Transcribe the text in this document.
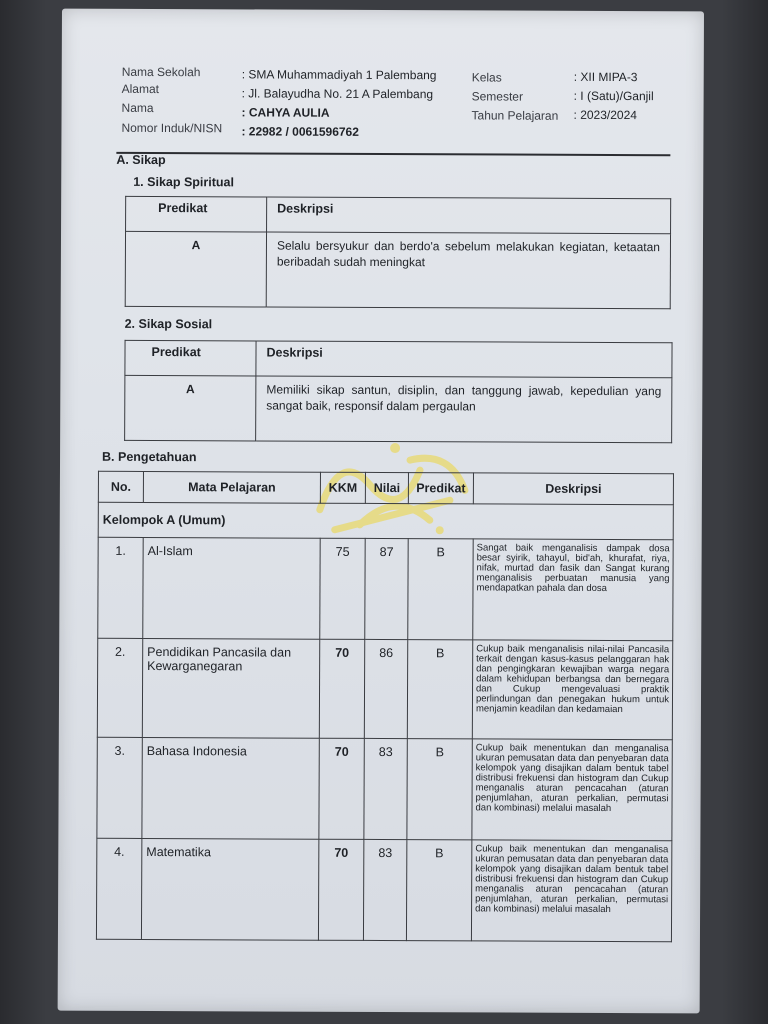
Nama Sekolah	: SMA Muhammadiyah 1 Palembang
Alamat	: Jl. Balayudha No. 21 A Palembang
Nama	: CAHYA AULIA
Nomor Induk/NISN : 22982 / 0061596762
Kelas	: XII MIPA-3
Semester	: I (Satu)/Ganjil
Tahun Pelajaran : 2023/2024
A. Sikap
1. Sikap Spiritual
Predikat	Deskripsi
A	Selalu bersyukur dan berdo'a sebelum melakukan kegiatan, ketaatan beribadah sudah meningkat
2. Sikap Sosial
Predikat	Deskripsi
A	Memiliki sikap santun, disiplin, dan tanggung jawab, kepedulian yang sangat baik, responsif dalam pergaulan
B. Pengetahuan
No.	Mata Pelajaran	KKM	Nilai	Predikat	Deskripsi
Kelompok A (Umum)					
1.	Al-Islam	75	87	B	Sangat baik menganalisis dampak dosa besar syirik, tahayul, bid'ah, khurafat, riya, nifak, murtad dan fasik dan Sangat kurang menganalisis perbuatan manusia yang mendapatkan pahala dan dosa
2.	Pendidikan Pancasila dan Kewarganegaran	70	86	B	Cukup baik menganalisis nilai-nilai Pancasila terkait dengan kasus-kasus pelanggaran hak dan pengingkaran kewajiban warga negara dalam kehidupan berbangsa dan bernegara dan Cukup mengevaluasi praktik perlindungan dan penegakan hukum untuk menjamin keadilan dan kedamaian
3.	Bahasa Indonesia	70	83	B	Cukup baik menentukan dan menganalisa ukuran pemusatan data dan penyebaran data kelompok yang disajikan dalam bentuk tabel distribusi frekuensi dan histogram dan Cukup menganalis aturan pencacahan (aturan penjumlahan, aturan perkalian, permutasi dan kombinasi) melalui masalah
4.	Matematika	70	83	B	Cukup baik menentukan dan menganalisa ukuran pemusatan data dan penyebaran data kelompok yang disajikan dalam bentuk tabel distribusi frekuensi dan histogram dan Cukup menganalis aturan pencacahan (aturan penjumlahan, aturan perkalian, permutasi dan kombinasi) melalui masalah
